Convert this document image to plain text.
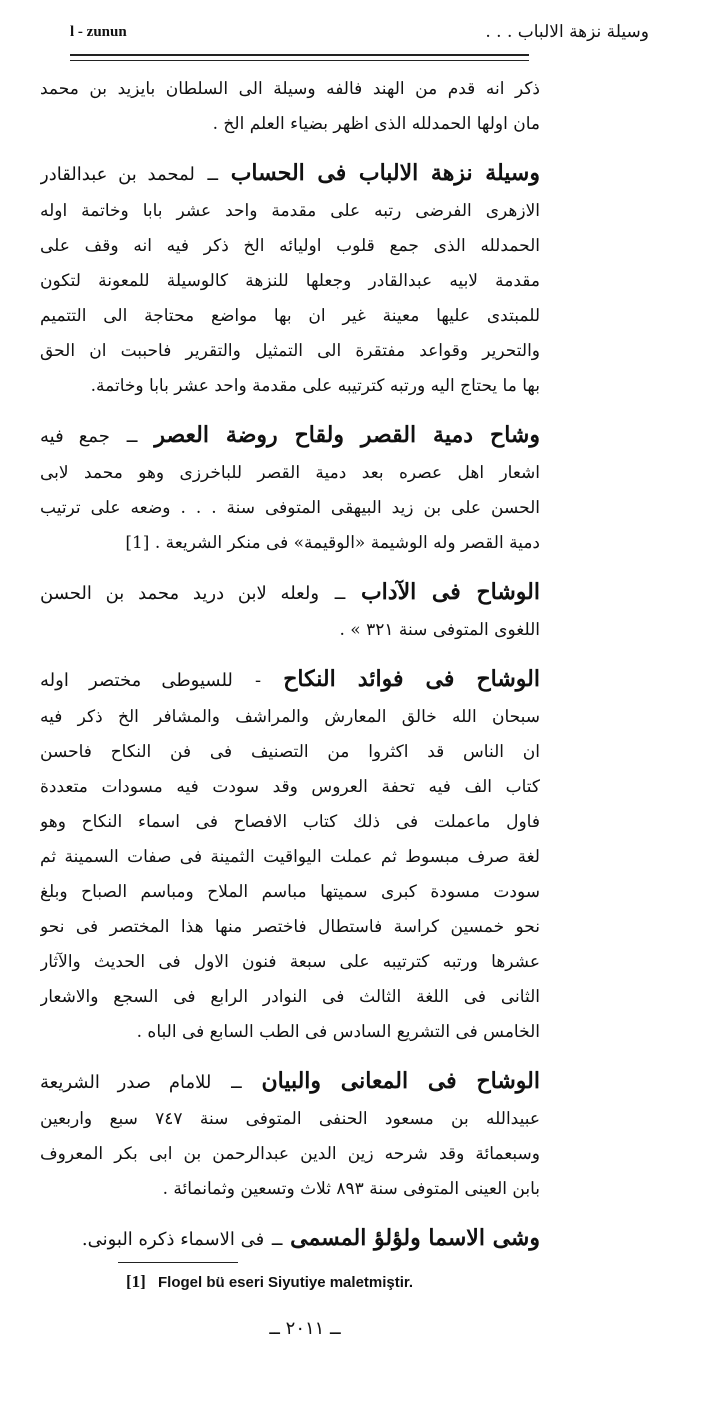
l - zunun	وسيلة نزهة الالباب . . .
ذكر انه قدم من الهند فالفه وسيلة الى السلطان بايزيد بن محمد
مان اولها الحمدلله الذى اظهر بضياء العلم الخ .
وسيلة نزهة الالباب فى الحساب ــ لمحمد بن عبدالقادر
الازهرى الفرضى رتبه على مقدمة واحد عشر بابا وخاتمة اوله
الحمدلله الذى جمع قلوب اوليائه الخ ذكر فيه انه وقف على
مقدمة لابيه عبدالقادر وجعلها للنزهة كالوسيلة للمعونة لتكون
للمبتدى عليها معينة غير ان بها مواضع محتاجة الى التتميم
والتحرير وقواعد مفتقرة الى التمثيل والتقرير فاحببت ان الحق
بها ما يحتاج اليه ورتبه كترتيبه على مقدمة واحد عشر بابا وخاتمة.
وشاح دمية القصر ولقاح روضة العصر ــ جمع فيه
اشعار اهل عصره بعد دمية القصر للباخرزى وهو محمد لابى
الحسن على بن زيد البيهقى المتوفى سنة . . . وضعه على ترتيب
دمية القصر وله الوشيمة «الوقيمة» فى منكر الشريعة . [1]
الوشاح فى الآداب ــ ولعله لابن دريد محمد بن الحسن
اللغوى المتوفى سنة ٣٢١ » .
الوشاح فى فوائد النكاح - للسيوطى مختصر اوله
سبحان الله خالق المعارش والمراشف والمشافر الخ ذكر فيه
ان الناس قد اكثروا من التصنيف فى فن النكاح فاحسن
كتاب الف فيه تحفة العروس وقد سودت فيه مسودات متعددة
فاول ماعملت فى ذلك كتاب الافصاح فى اسماء النكاح وهو
لغة صرف مبسوط ثم عملت اليواقيت الثمينة فى صفات السمينة ثم
سودت مسودة كبرى سميتها مباسم الملاح ومباسم الصباح وبلغ
نحو خمسين كراسة فاستطال فاختصر منها هذا المختصر فى نحو
عشرها ورتبه كترتيبه على سبعة فنون الاول فى الحديث والآثار
الثانى فى اللغة الثالث فى النوادر الرابع فى السجع والاشعار
الخامس فى التشريع السادس فى الطب السابع فى الباه .
الوشاح فى المعانى والبيان ــ للامام صدر الشريعة
عبيدالله بن مسعود الحنفى المتوفى سنة ٧٤٧ سبع واربعين
وسبعمائة وقد شرحه زين الدين عبدالرحمن بن ابى بكر المعروف
بابن العينى المتوفى سنة ٨٩٣ ثلاث وتسعين وثمانمائة .
وشى الاسما ولؤلؤ المسمى ــ فى الاسماء ذكره البونى.
[1] Flogel bü eseri Siyutiye maletmiştir.
ــ ٢٠١١ ــ
